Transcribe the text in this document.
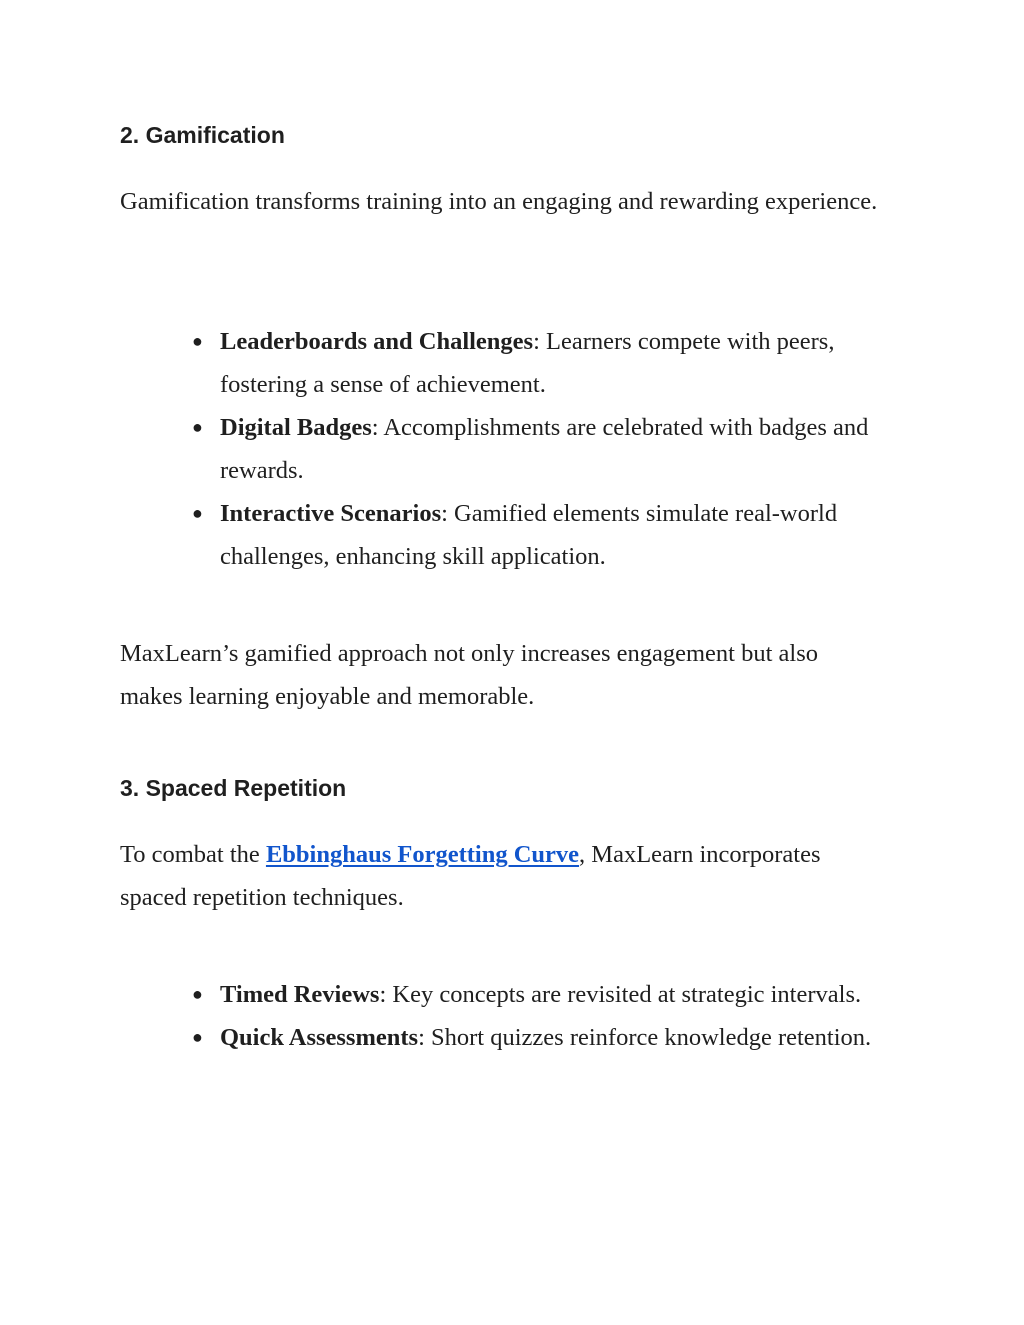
2. Gamification

Gamification transforms training into an engaging and rewarding experience.

● Leaderboards and Challenges: Learners compete with peers, fostering a sense of achievement.
● Digital Badges: Accomplishments are celebrated with badges and rewards.
● Interactive Scenarios: Gamified elements simulate real-world challenges, enhancing skill application.

MaxLearn’s gamified approach not only increases engagement but also makes learning enjoyable and memorable.

3. Spaced Repetition

To combat the Ebbinghaus Forgetting Curve, MaxLearn incorporates spaced repetition techniques.

● Timed Reviews: Key concepts are revisited at strategic intervals.
● Quick Assessments: Short quizzes reinforce knowledge retention.
